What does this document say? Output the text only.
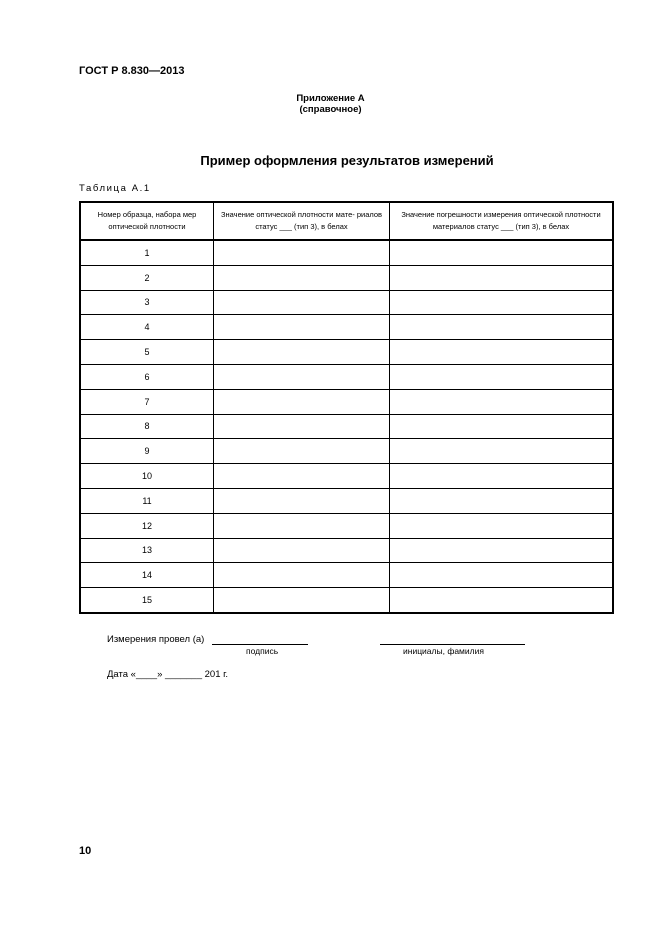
ГОСТ Р 8.830—2013
Приложение А
(справочное)
Пример оформления результатов измерений
Таблица А.1
Номер образца, набора мер оптической плотности	Значение оптической плотности мате- риалов статус ___ (тип 3), в белах	Значение погрешности измерения оптической плотности материалов статус ___ (тип 3), в белах
1		
2		
3		
4		
5		
6		
7		
8		
9		
10		
11		
12		
13		
14		
15		
Измерения провел (а)
подпись	инициалы, фамилия
Дата «____» _______ 201 г.
10
